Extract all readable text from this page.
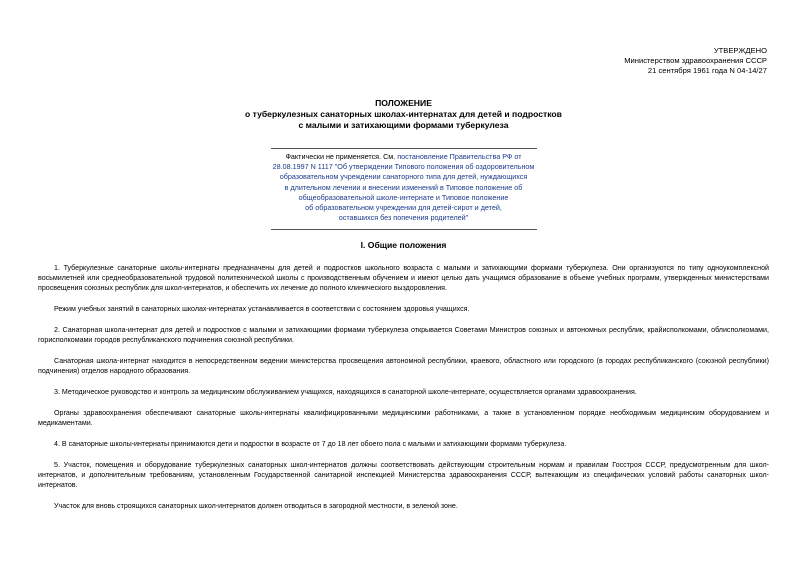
УТВЕРЖДЕНО
Министерством здравоохранения СССР
21 сентября 1961 года N 04-14/27
ПОЛОЖЕНИЕ
о туберкулезных санаторных школах-интернатах для детей и подростков
с малыми и затихающими формами туберкулеза
Фактически не применяется. См. постановление Правительства РФ от
28.08.1997 N 1117 "Об утверждении Типового положения об оздоровительном
образовательном учреждении санаторного типа для детей, нуждающихся
в длительном лечении и внесении изменений в Типовое положение об
общеобразовательной школе-интернате и Типовое положение
об образовательном учреждении для детей-сирот и детей,
оставшихся без попечения родителей"
I. Общие положения

1. Туберкулезные санаторные школы-интернаты предназначены для детей и подростков школьного возраста с малыми и затихающими формами туберкулеза. Они организуются по типу одноукомплексной восьмилетней или среднеобразовательной трудовой политехнической школы с производственным обучением и имеют целью дать учащимся образование в объеме учебных программ, утвержденных министерствами просвещения союзных республик для школ-интернатов, и обеспечить их лечение до полного клинического выздоровления.

Режим учебных занятий в санаторных школах-интернатах устанавливается в соответствии с состоянием здоровья учащихся.

2. Санаторная школа-интернат для детей и подростков с малыми и затихающими формами туберкулеза открывается Советами Министров союзных и автономных республик, крайисполкомами, облисполкомами, горисполкомами городов республиканского подчинения союзной республики.

Санаторная школа-интернат находится в непосредственном ведении министерства просвещения автономной республики, краевого, областного или городского (в городах республиканского (союзной республики) подчинения) отделов народного образования.

3. Методическое руководство и контроль за медицинским обслуживанием учащихся, находящихся в санаторной школе-интернате, осуществляется органами здравоохранения.

Органы здравоохранения обеспечивают санаторные школы-интернаты квалифицированными медицинскими работниками, а также в установленном порядке необходимым медицинским оборудованием и медикаментами.

4. В санаторные школы-интернаты принимаются дети и подростки в возрасте от 7 до 18 лет обоего пола с малыми и затихающими формами туберкулеза.

5. Участок, помещения и оборудование туберкулезных санаторных школ-интернатов должны соответствовать действующим строительным нормам и правилам Госстроя СССР, предусмотренным для школ-интернатов, и дополнительным требованиям, установленным Государственной санитарной инспекцией Министерства здравоохранения СССР, вытекающим из специфических условий работы санаторных школ-интернатов.

Участок для вновь строящихся санаторных школ-интернатов должен отводиться в загородной местности, в зеленой зоне.
